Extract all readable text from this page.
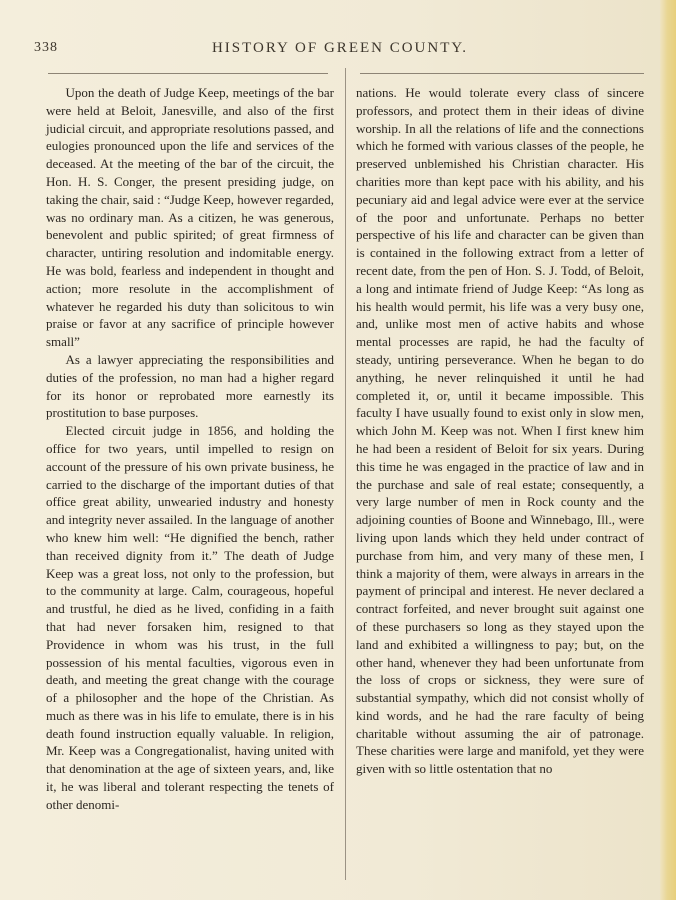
338	HISTORY OF GREEN COUNTY.

Upon the death of Judge Keep, meetings of the bar were held at Beloit, Janesville, and also of the first judicial circuit, and appropriate resolutions passed, and eulogies pronounced upon the life and services of the deceased. At the meeting of the bar of the circuit, the Hon. H. S. Conger, the present presiding judge, on taking the chair, said : “Judge Keep, however regarded, was no ordinary man. As a citizen, he was generous, benevolent and public spirited; of great firmness of character, untiring resolution and indomitable energy. He was bold, fearless and independent in thought and action; more resolute in the accomplishment of whatever he regarded his duty than solicitous to win praise or favor at any sacrifice of principle however small”

As a lawyer appreciating the responsibilities and duties of the profession, no man had a higher regard for its honor or reprobated more earnestly its prostitution to base purposes.

Elected circuit judge in 1856, and holding the office for two years, until impelled to resign on account of the pressure of his own private business, he carried to the discharge of the important duties of that office great ability, unwearied industry and honesty and integrity never assailed. In the language of another who knew him well: “He dignified the bench, rather than received dignity from it.” The death of Judge Keep was a great loss, not only to the profession, but to the community at large. Calm, courageous, hopeful and trustful, he died as he lived, confiding in a faith that had never forsaken him, resigned to that Providence in whom was his trust, in the full possession of his mental faculties, vigorous even in death, and meeting the great change with the courage of a philosopher and the hope of the Christian. As much as there was in his life to emulate, there is in his death found instruction equally valuable. In religion, Mr. Keep was a Congregationalist, having united with that denomination at the age of sixteen years, and, like it, he was liberal and tolerant respecting the tenets of other denomi-

nations. He would tolerate every class of sincere professors, and protect them in their ideas of divine worship. In all the relations of life and the connections which he formed with various classes of the people, he preserved unblemished his Christian character. His charities more than kept pace with his ability, and his pecuniary aid and legal advice were ever at the service of the poor and unfortunate. Perhaps no better perspective of his life and character can be given than is contained in the following extract from a letter of recent date, from the pen of Hon. S. J. Todd, of Beloit, a long and intimate friend of Judge Keep: “As long as his health would permit, his life was a very busy one, and, unlike most men of active habits and whose mental processes are rapid, he had the faculty of steady, untiring perseverance. When he began to do anything, he never relinquished it until he had completed it, or, until it became impossible. This faculty I have usually found to exist only in slow men, which John M. Keep was not. When I first knew him he had been a resident of Beloit for six years. During this time he was engaged in the practice of law and in the purchase and sale of real estate; consequently, a very large number of men in Rock county and the adjoining counties of Boone and Winnebago, Ill., were living upon lands which they held under contract of purchase from him, and very many of these men, I think a majority of them, were always in arrears in the payment of principal and interest. He never declared a contract forfeited, and never brought suit against one of these purchasers so long as they stayed upon the land and exhibited a willingness to pay; but, on the other hand, whenever they had been unfortunate from the loss of crops or sickness, they were sure of substantial sympathy, which did not consist wholly of kind words, and he had the rare faculty of being charitable without assuming the air of patronage. These charities were large and manifold, yet they were given with so little ostentation that no
